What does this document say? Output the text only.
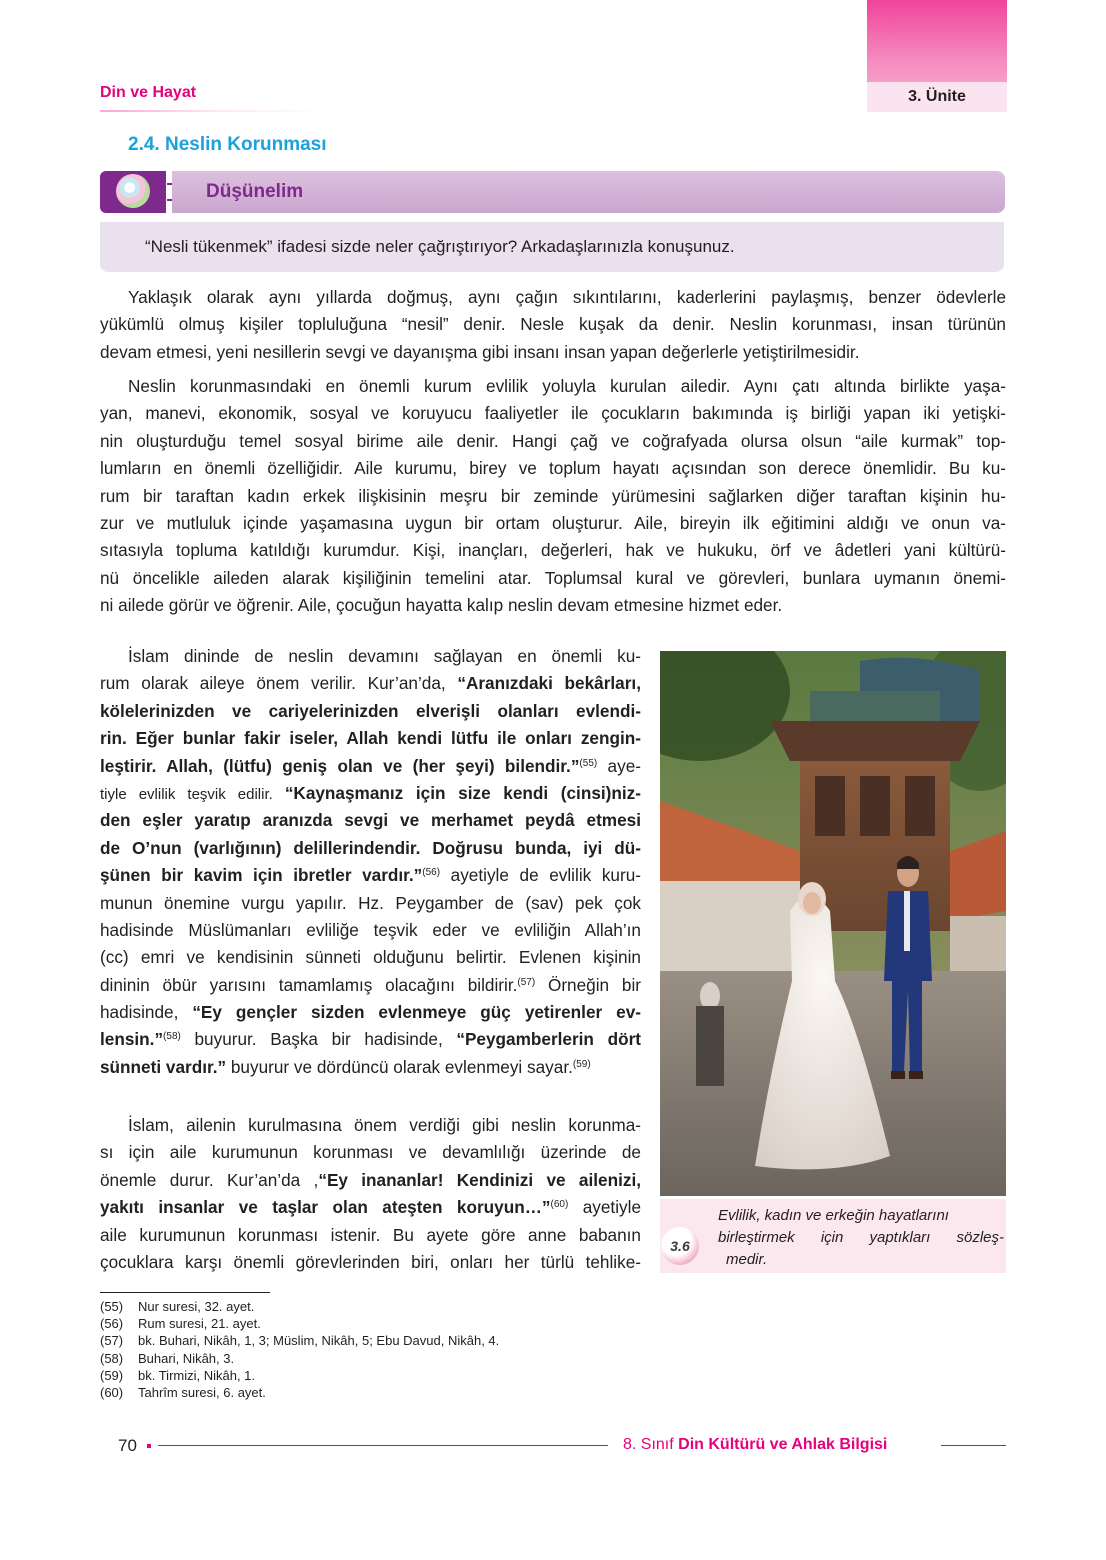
Din ve Hayat	3. Ünite
2.4. Neslin Korunması
Düşünelim
“Nesli tükenmek” ifadesi sizde neler çağrıştırıyor? Arkadaşlarınızla konuşunuz.
Yaklaşık olarak aynı yıllarda doğmuş, aynı çağın sıkıntılarını, kaderlerini paylaşmış, benzer ödevlerle
yükümlü olmuş kişiler topluluğuna “nesil” denir. Nesle kuşak da denir. Neslin korunması, insan türünün
devam etmesi, yeni nesillerin sevgi ve dayanışma gibi insanı insan yapan değerlerle yetiştirilmesidir.
Neslin korunmasındaki en önemli kurum evlilik yoluyla kurulan ailedir. Aynı çatı altında birlikte yaşa-
yan, manevi, ekonomik, sosyal ve koruyucu faaliyetler ile çocukların bakımında iş birliği yapan iki yetişki-
nin oluşturduğu temel sosyal birime aile denir. Hangi çağ ve coğrafyada olursa olsun “aile kurmak” top-
lumların en önemli özelliğidir. Aile kurumu, birey ve toplum hayatı açısından son derece önemlidir. Bu ku-
rum bir taraftan kadın erkek ilişkisinin meşru bir zeminde yürümesini sağlarken diğer taraftan kişinin hu-
zur ve mutluluk içinde yaşamasına uygun bir ortam oluşturur. Aile, bireyin ilk eğitimini aldığı ve onun va-
sıtasıyla topluma katıldığı kurumdur. Kişi, inançları, değerleri, hak ve hukuku, örf ve âdetleri yani kültürü-
nü öncelikle aileden alarak kişiliğinin temelini atar. Toplumsal kural ve görevleri, bunlara uymanın önemi-
ni ailede görür ve öğrenir. Aile, çocuğun hayatta kalıp neslin devam etmesine hizmet eder.
İslam dininde de neslin devamını sağlayan en önemli ku-
rum olarak aileye önem verilir. Kur’an’da, “Aranızdaki bekârları,
kölelerinizden ve cariyelerinizden elverişli olanları evlendi-
rin. Eğer bunlar fakir iseler, Allah kendi lütfu ile onları zengin-
leştirir. Allah, (lütfu) geniş olan ve (her şeyi) bilendir.”$^{(55)}$ aye-
tiyle evlilik teşvik edilir. “Kaynaşmanız için size kendi (cinsi)niz-
den eşler yaratıp aranızda sevgi ve merhamet peydâ etmesi
de O’nun (varlığının) delillerindendir. Doğrusu bunda, iyi dü-
şünen bir kavim için ibretler vardır.”$^{(56)}$ ayetiyle de evlilik kuru-
munun önemine vurgu yapılır. Hz. Peygamber de (sav) pek çok
hadisinde Müslümanları evliliğe teşvik eder ve evliliğin Allah’ın
(cc) emri ve kendisinin sünneti olduğunu belirtir. Evlenen kişinin
dininin öbür yarısını tamamlamış olacağını bildirir.$^{(57)}$ Örneğin bir
hadisinde, “Ey gençler sizden evlenmeye güç yetirenler ev-
lensin.”$^{(58)}$ buyurur. Başka bir hadisinde, “Peygamberlerin dört
sünneti vardır.” buyurur ve dördüncü olarak evlenmeyi sayar.$^{(59)}$
İslam, ailenin kurulmasına önem verdiği gibi neslin korunma-
sı için aile kurumunun korunması ve devamlılığı üzerinde de
önemle durur. Kur’an’da ,“Ey inananlar! Kendinizi ve ailenizi,
yakıtı insanlar ve taşlar olan ateşten koruyun…”$^{(60)}$ ayetiyle
aile kurumunun korunması istenir. Bu ayete göre anne babanın
çocuklara karşı önemli görevlerinden biri, onları her türlü tehlike-
3.6
Evlilik, kadın ve erkeğin hayatlarını
birleştirmek için yaptıkları sözleş-
medir.
(55) Nur suresi, 32. ayet.
(56) Rum suresi, 21. ayet.
(57) bk. Buhari, Nikâh, 1, 3; Müslim, Nikâh, 5; Ebu Davud, Nikâh, 4.
(58) Buhari, Nikâh, 3.
(59) bk. Tirmizi, Nikâh, 1.
(60) Tahrîm suresi, 6. ayet.
70	8. Sınıf Din Kültürü ve Ahlak Bilgisi
